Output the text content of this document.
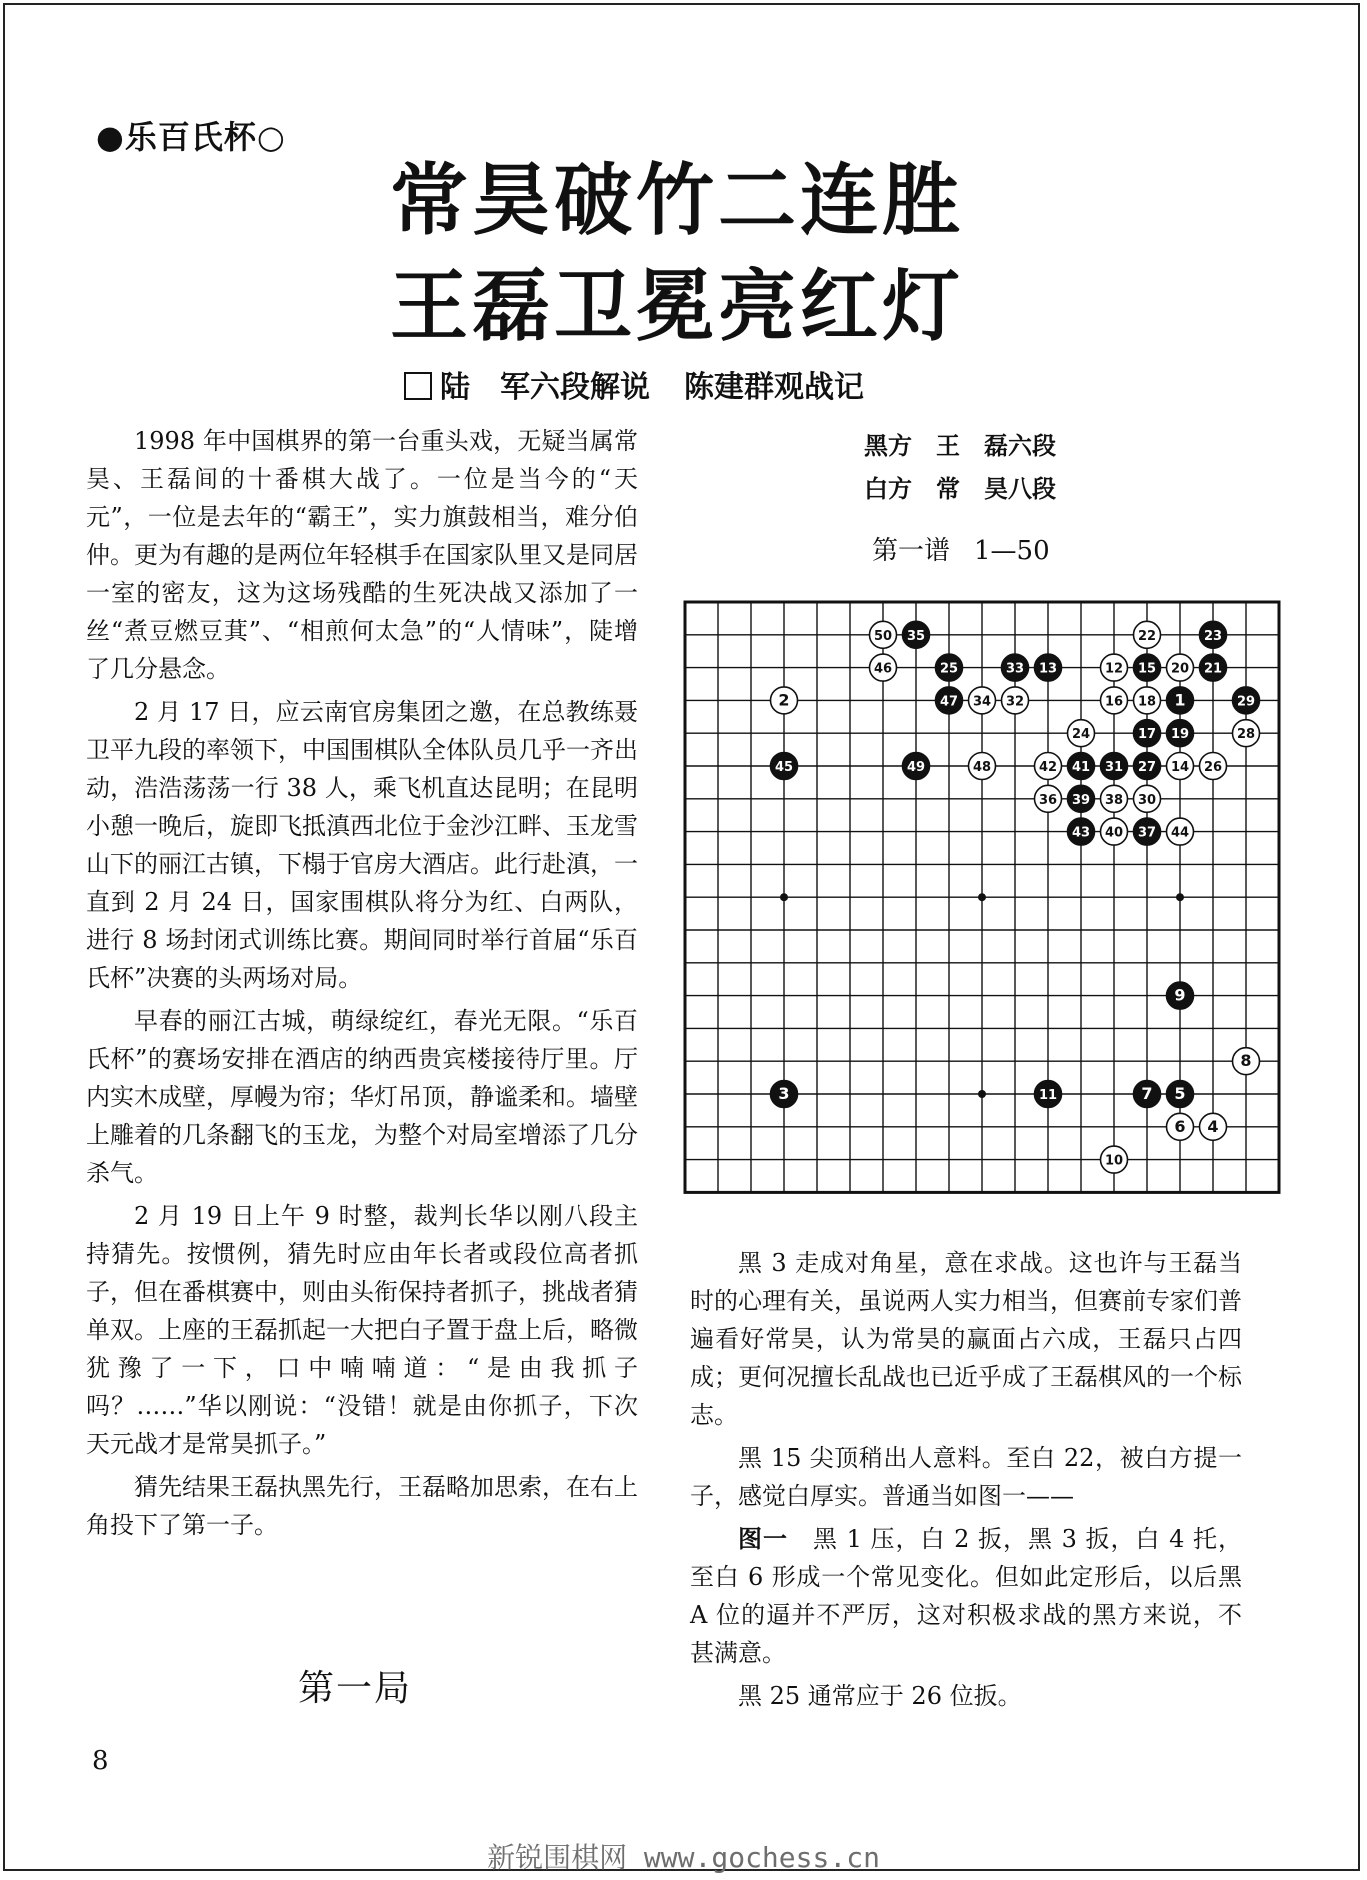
●乐百氏杯○
常昊破竹二连胜
王磊卫冕亮红灯
陆　军六段解说 陈建群观战记

1998 年中国棋界的第一台重头戏，无疑当属常昊、王磊间的十番棋大战了。一位是当今的“天元”，一位是去年的“霸王”，实力旗鼓相当，难分伯仲。更为有趣的是两位年轻棋手在国家队里又是同居一室的密友，这为这场残酷的生死决战又添加了一丝“煮豆燃豆萁”、“相煎何太急”的“人情味”，陡增了几分悬念。

2 月 17 日，应云南官房集团之邀，在总教练聂卫平九段的率领下，中国围棋队全体队员几乎一齐出动，浩浩荡荡一行 38 人，乘飞机直达昆明；在昆明小憩一晚后，旋即飞抵滇西北位于金沙江畔、玉龙雪山下的丽江古镇，下榻于官房大酒店。此行赴滇，一直到 2 月 24 日，国家围棋队将分为红、白两队，进行 8 场封闭式训练比赛。期间同时举行首届“乐百氏杯”决赛的头两场对局。

早春的丽江古城，萌绿绽红，春光无限。“乐百氏杯”的赛场安排在酒店的纳西贵宾楼接待厅里。厅内实木成壁，厚幔为帘；华灯吊顶，静谧柔和。墙壁上雕着的几条翻飞的玉龙，为整个对局室增添了几分杀气。

2 月 19 日上午 9 时整，裁判长华以刚八段主持猜先。按惯例，猜先时应由年长者或段位高者抓子，但在番棋赛中，则由头衔保持者抓子，挑战者猜单双。上座的王磊抓起一大把白子置于盘上后，略微犹豫了一下，口中喃喃道：“是由我抓子吗？……”华以刚说：“没错！就是由你抓子，下次天元战才是常昊抓子。”

猜先结果王磊执黑先行，王磊略加思索，在右上角投下了第一子。

第一局
黑方　王　磊六段
白方　常　昊八段
第一谱 1—50
1
2
3
4
5
6
7
8
9
10
11
12
13
14
15
16
17
18
19
20 21
22	23
24
25
26
27
28
29
30
31
32
33
34
35
36
37
38
39
40
41
42
43	44
45
46
47
48
49
50

黑 3 走成对角星，意在求战。这也许与王磊当时的心理有关，虽说两人实力相当，但赛前专家们普遍看好常昊，认为常昊的赢面占六成，王磊只占四成；更何况擅长乱战也已近乎成了王磊棋风的一个标志。

黑 15 尖顶稍出人意料。至白 22，被白方提一子，感觉白厚实。普通当如图一——

图一　黑 1 压，白 2 扳，黑 3 扳，白 4 托，至白 6 形成一个常见变化。但如此定形后，以后黑 A 位的逼并不严厉，这对积极求战的黑方来说，不甚满意。

黑 25 通常应于 26 位扳。

8
新锐围棋网 www.gochess.cn
